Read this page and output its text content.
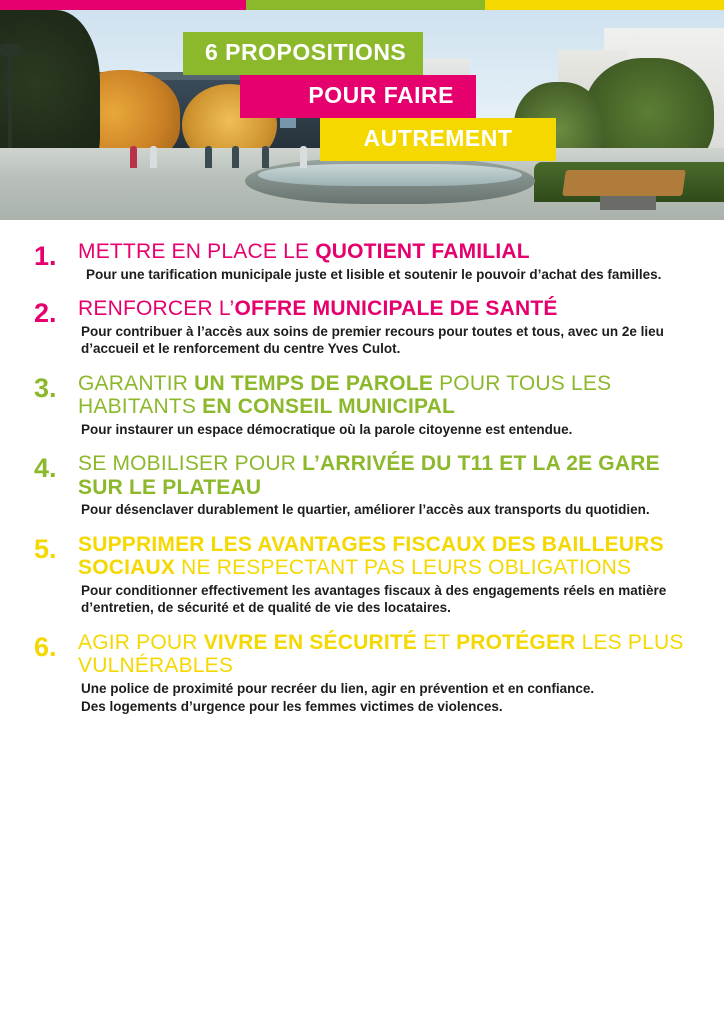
6 PROPOSITIONS
POUR FAIRE
AUTREMENT
1.	METTRE EN PLACE LE QUOTIENT FAMILIAL
Pour une tarification municipale juste et lisible et soutenir le pouvoir d’achat des familles.
2.	RENFORCER L’OFFRE MUNICIPALE DE SANTÉ
Pour contribuer à l’accès aux soins de premier recours pour toutes et tous, avec un 2e lieu
d’accueil et le renforcement du centre Yves Culot.
3.	GARANTIR UN TEMPS DE PAROLE POUR TOUS LES HABITANTS EN CONSEIL MUNICIPAL
Pour instaurer un espace démocratique où la parole citoyenne est entendue.
4.	SE MOBILISER POUR L’ARRIVÉE DU T11 ET LA 2E GARE SUR LE PLATEAU
Pour désenclaver durablement le quartier, améliorer l’accès aux transports du quotidien.
5.	SUPPRIMER LES AVANTAGES FISCAUX DES BAILLEURS SOCIAUX NE RESPECTANT PAS LEURS OBLIGATIONS
Pour conditionner effectivement les avantages fiscaux à des engagements réels en matière
d’entretien, de sécurité et de qualité de vie des locataires.
6.	AGIR POUR VIVRE EN SÉCURITÉ ET PROTÉGER LES PLUS VULNÉRABLES
Une police de proximité pour recréer du lien, agir en prévention et en confiance.
Des logements d’urgence pour les femmes victimes de violences.
